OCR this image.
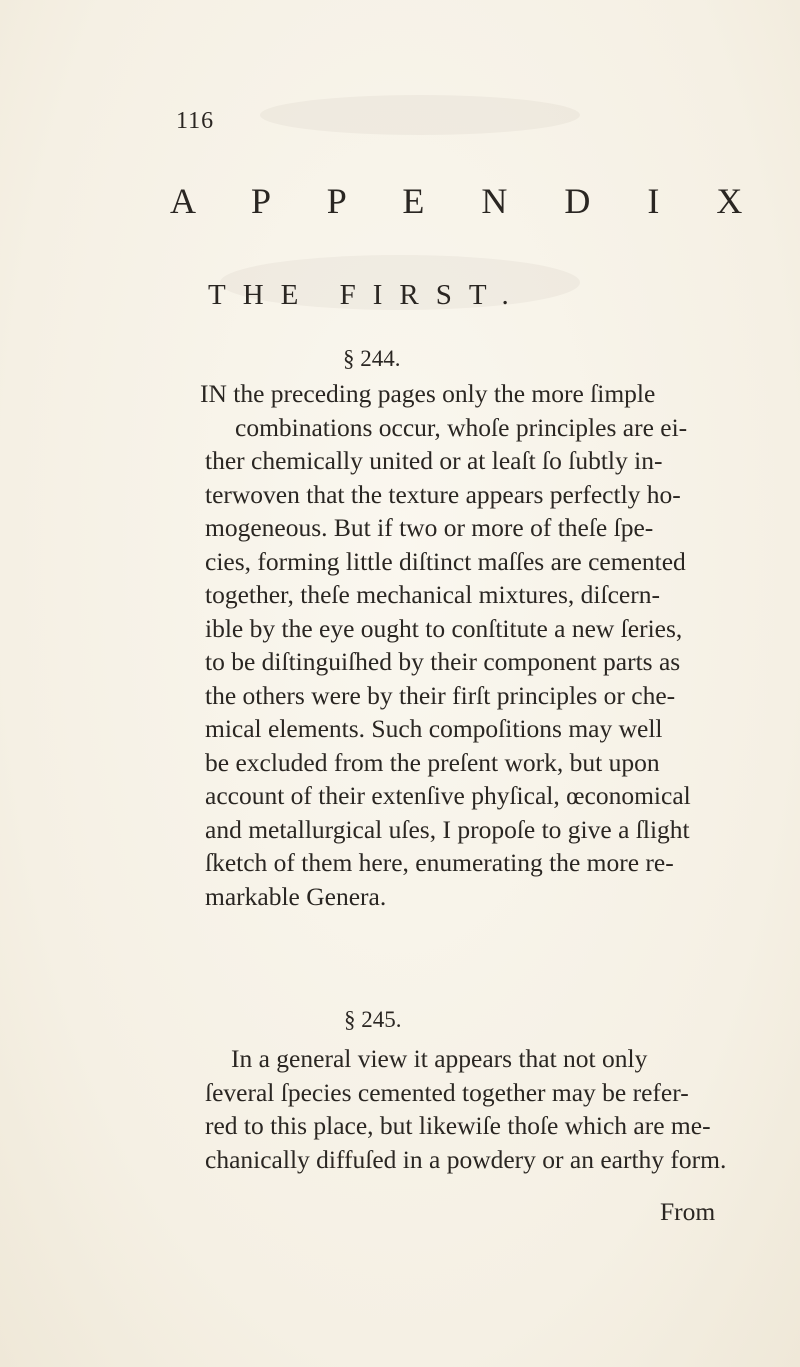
116
A P P E N D I X
THE FIRST.
§ 244.
IN the preceding pages only the more ſimple
combinations occur, whoſe principles are ei-
ther chemically united or at leaſt ſo ſubtly in-
terwoven that the texture appears perfectly ho-
mogeneous. But if two or more of theſe ſpe-
cies, forming little diſtinct maſſes are cemented
together, theſe mechanical mixtures, diſcern-
ible by the eye ought to conſtitute a new ſeries,
to be diſtinguiſhed by their component parts as
the others were by their firſt principles or che-
mical elements. Such compoſitions may well
be excluded from the preſent work, but upon
account of their extenſive phyſical, œconomical
and metallurgical uſes, I propoſe to give a ſlight
ſketch of them here, enumerating the more re-
markable Genera.
§ 245.
In a general view it appears that not only
ſeveral ſpecies cemented together may be refer-
red to this place, but likewiſe thoſe which are me-
chanically diffuſed in a powdery or an earthy form.
From
